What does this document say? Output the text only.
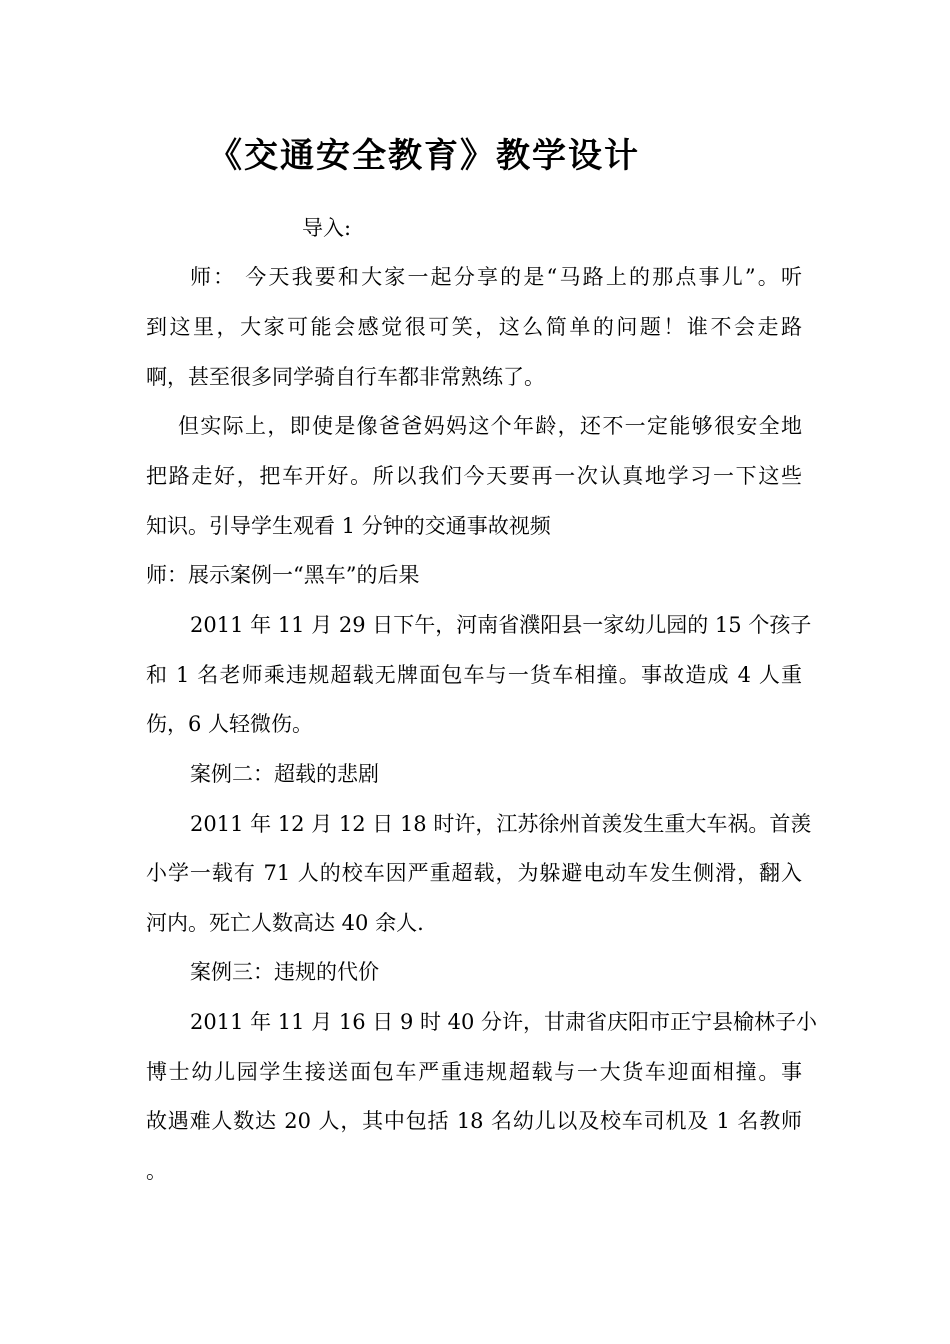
《交通安全教育》教学设计
导入:
师： 今天我要和大家一起分享的是“马路上的那点事儿”。听
到这里，大家可能会感觉很可笑，这么简单的问题！谁不会走路
啊，甚至很多同学骑自行车都非常熟练了。
但实际上，即使是像爸爸妈妈这个年龄，还不一定能够很安全地
把路走好，把车开好。所以我们今天要再一次认真地学习一下这些
知识。引导学生观看 1 分钟的交通事故视频
师：展示案例一“黑车”的后果
2011 年 11 月 29 日下午，河南省濮阳县一家幼儿园的 15 个孩子
和 1 名老师乘违规超载无牌面包车与一货车相撞。事故造成 4 人重
伤，6 人轻微伤。
案例二：超载的悲剧
2011 年 12 月 12 日 18 时许，江苏徐州首羡发生重大车祸。首羡
小学一载有 71 人的校车因严重超载，为躲避电动车发生侧滑，翻入
河内。死亡人数高达 40 余人.
案例三：违规的代价
2011 年 11 月 16 日 9 时 40 分许，甘肃省庆阳市正宁县榆林子小
博士幼儿园学生接送面包车严重违规超载与一大货车迎面相撞。事
故遇难人数达 20 人，其中包括 18 名幼儿以及校车司机及 1 名教师
。
